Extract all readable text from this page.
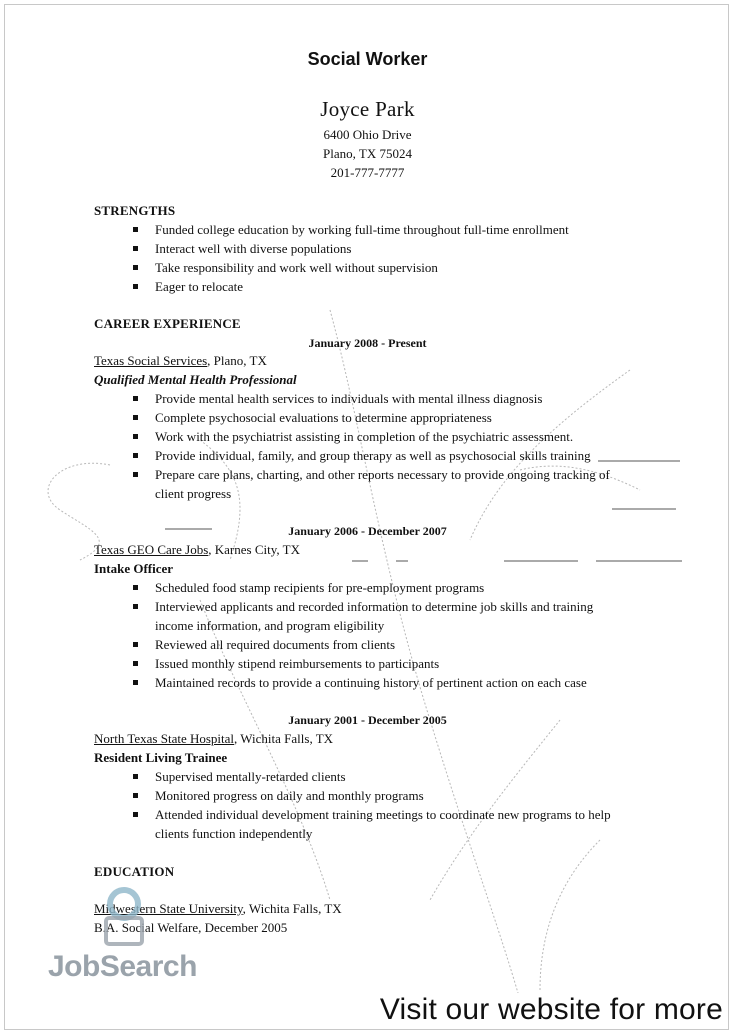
Social Worker
Joyce Park
6400 Ohio Drive
Plano, TX 75024
201-777-7777
STRENGTHS
Funded college education by working full-time throughout full-time enrollment
Interact well with diverse populations
Take responsibility and work well without supervision
Eager to relocate
CAREER EXPERIENCE
January 2008 - Present
Texas Social Services, Plano, TX
Qualified Mental Health Professional
Provide mental health services to individuals with mental illness diagnosis
Complete psychosocial evaluations to determine appropriateness
Work with the psychiatrist assisting in completion of the psychiatric assessment.
Provide individual, family, and group therapy as well as psychosocial skills training
Prepare care plans, charting, and other reports necessary to provide ongoing tracking of
client progress
January 2006 - December 2007
Texas GEO Care Jobs, Karnes City, TX
Intake Officer
Scheduled food stamp recipients for pre-employment programs
Interviewed applicants and recorded information to determine job skills and training
income information, and program eligibility
Reviewed all required documents from clients
Issued monthly stipend reimbursements to participants
Maintained records to provide a continuing history of pertinent action on each case
January 2001 - December 2005
North Texas State Hospital, Wichita Falls, TX
Resident Living Trainee
Supervised mentally-retarded clients
Monitored progress on daily and monthly programs
Attended individual development training meetings to coordinate new programs to help
clients function independently
EDUCATION
Midwestern State University, Wichita Falls, TX
B.A. Social Welfare, December 2005
JobSearch
Visit our website for more
